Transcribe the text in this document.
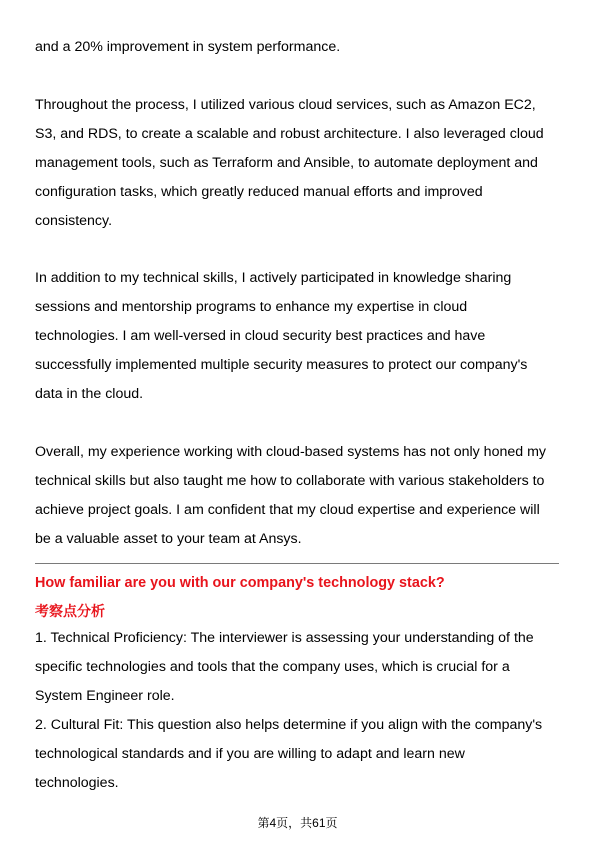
and a 20% improvement in system performance.
Throughout the process, I utilized various cloud services, such as Amazon EC2,
S3, and RDS, to create a scalable and robust architecture. I also leveraged cloud
management tools, such as Terraform and Ansible, to automate deployment and
configuration tasks, which greatly reduced manual efforts and improved
consistency.
In addition to my technical skills, I actively participated in knowledge sharing
sessions and mentorship programs to enhance my expertise in cloud
technologies. I am well-versed in cloud security best practices and have
successfully implemented multiple security measures to protect our company's
data in the cloud.
Overall, my experience working with cloud-based systems has not only honed my
technical skills but also taught me how to collaborate with various stakeholders to
achieve project goals. I am confident that my cloud expertise and experience will
be a valuable asset to your team at Ansys.
How familiar are you with our company's technology stack?
考察点分析
1. Technical Proficiency: The interviewer is assessing your understanding of the
specific technologies and tools that the company uses, which is crucial for a
System Engineer role.
2. Cultural Fit: This question also helps determine if you align with the company's
technological standards and if you are willing to adapt and learn new
technologies.
第4页，共61页
